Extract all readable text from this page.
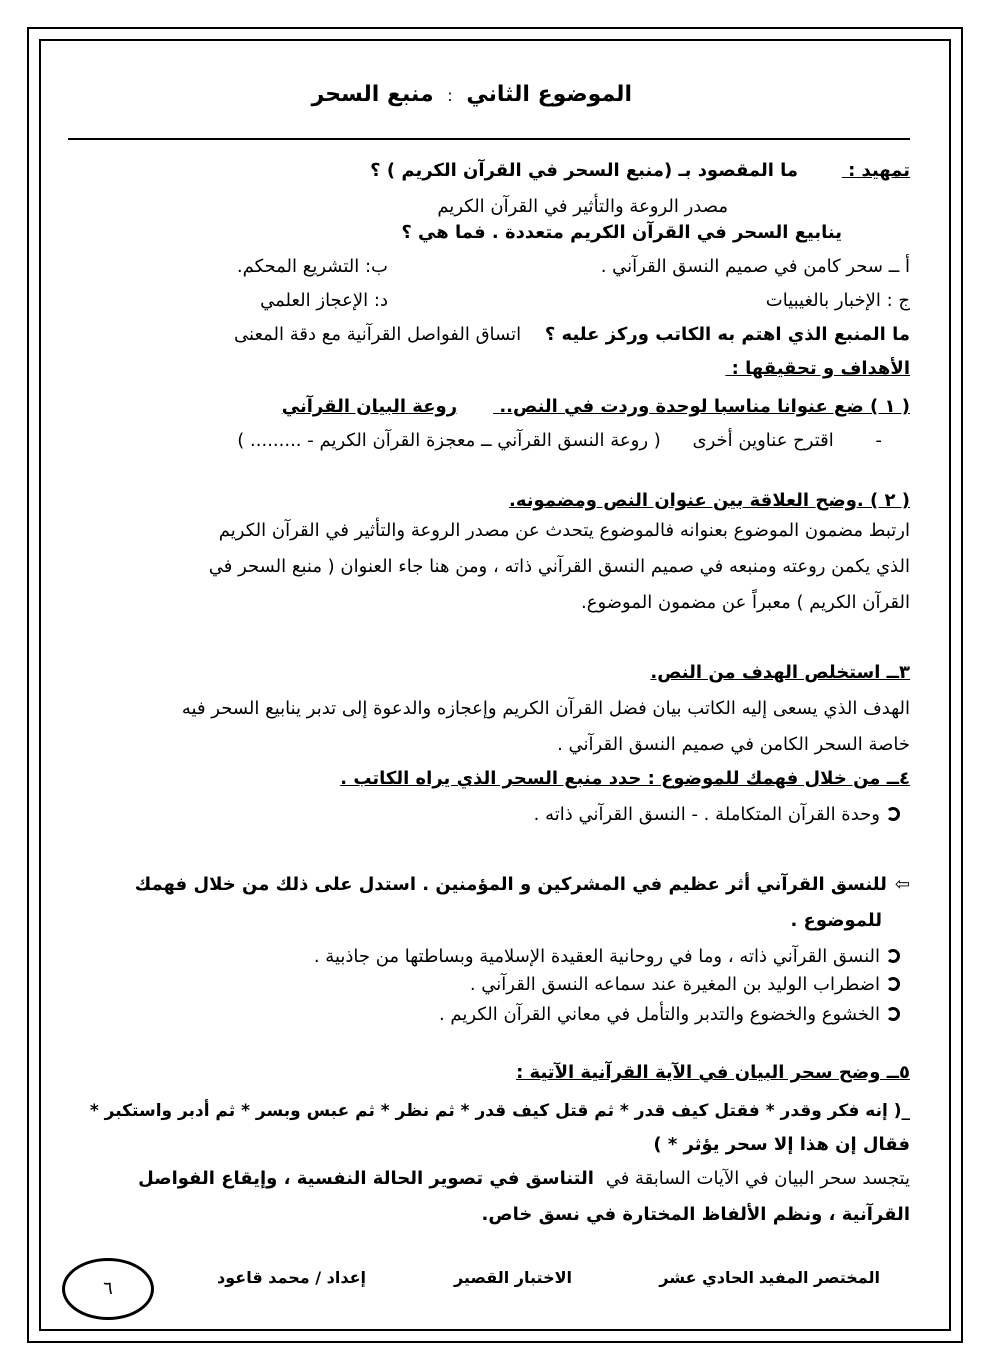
الموضوع الثاني : منبع السحر
تمهيد : ما المقصود بـ (منبع السحر في القرآن الكريم ) ؟
مصدر الروعة والتأثير في القرآن الكريم
ينابيع السحر في القرآن الكريم متعددة . فما هي ؟
أ ــ سحر كامن في صميم النسق القرآني .
ب: التشريع المحكم.
ج : الإخبار بالغيبيات
د: الإعجاز العلمي
ما المنبع الذي اهتم به الكاتب وركز عليه ؟ اتساق الفواصل القرآنية مع دقة المعنى
الأهداف و تحقيقها :
( ١ ) ضع عنوانا مناسبا لوحدة وردت في النص.. روعة البيان القرآني
- اقترح عناوين أخرى ( روعة النسق القرآني ــ معجزة القرآن الكريم - ......... )
( ٢ ) .وضح العلاقة بين عنوان النص ومضمونه.
ارتبط مضمون الموضوع بعنوانه فالموضوع يتحدث عن مصدر الروعة والتأثير في القرآن الكريم
الذي يكمن روعته ومنبعه في صميم النسق القرآني ذاته ، ومن هنا جاء العنوان ( منبع السحر في
القرآن الكريم ) معبراً عن مضمون الموضوع.
٣ــ استخلص الهدف من النص.
الهدف الذي يسعى إليه الكاتب بيان فضل القرآن الكريم وإعجازه والدعوة إلى تدبر ينابيع السحر فيه
خاصة السحر الكامن في صميم النسق القرآني .
٤ــ من خلال فهمك للموضوع : حدد منبع السحر الذي يراه الكاتب .
وحدة القرآن المتكاملة . - النسق القرآني ذاته .
⇦للنسق القرآني أثر عظيم في المشركين و المؤمنين . استدل على ذلك من خلال فهمك
للموضوع .
النسق القرآني ذاته ، وما في روحانية العقيدة الإسلامية وبساطتها من جاذبية .
اضطراب الوليد بن المغيرة عند سماعه النسق القرآني .
الخشوع والخضوع والتدبر والتأمل في معاني القرآن الكريم .
٥ــ وضح سحر البيان في الآية القرآنية الآتية :
_( إنه فكر وقدر * فقتل كيف قدر * ثم قتل كيف قدر * ثم نظر * ثم عبس وبسر * ثم أدبر واستكبر *
فقال إن هذا إلا سحر يؤثر * )
يتجسد سحر البيان في الآيات السابقة في التناسق في تصوير الحالة النفسية ، وإيقاع الفواصل
القرآنية ، ونظم الألفاظ المختارة في نسق خاص.
المختصر المفيد
الحادي عشر
الاختبار القصير
إعداد / محمد قاعود
٦
